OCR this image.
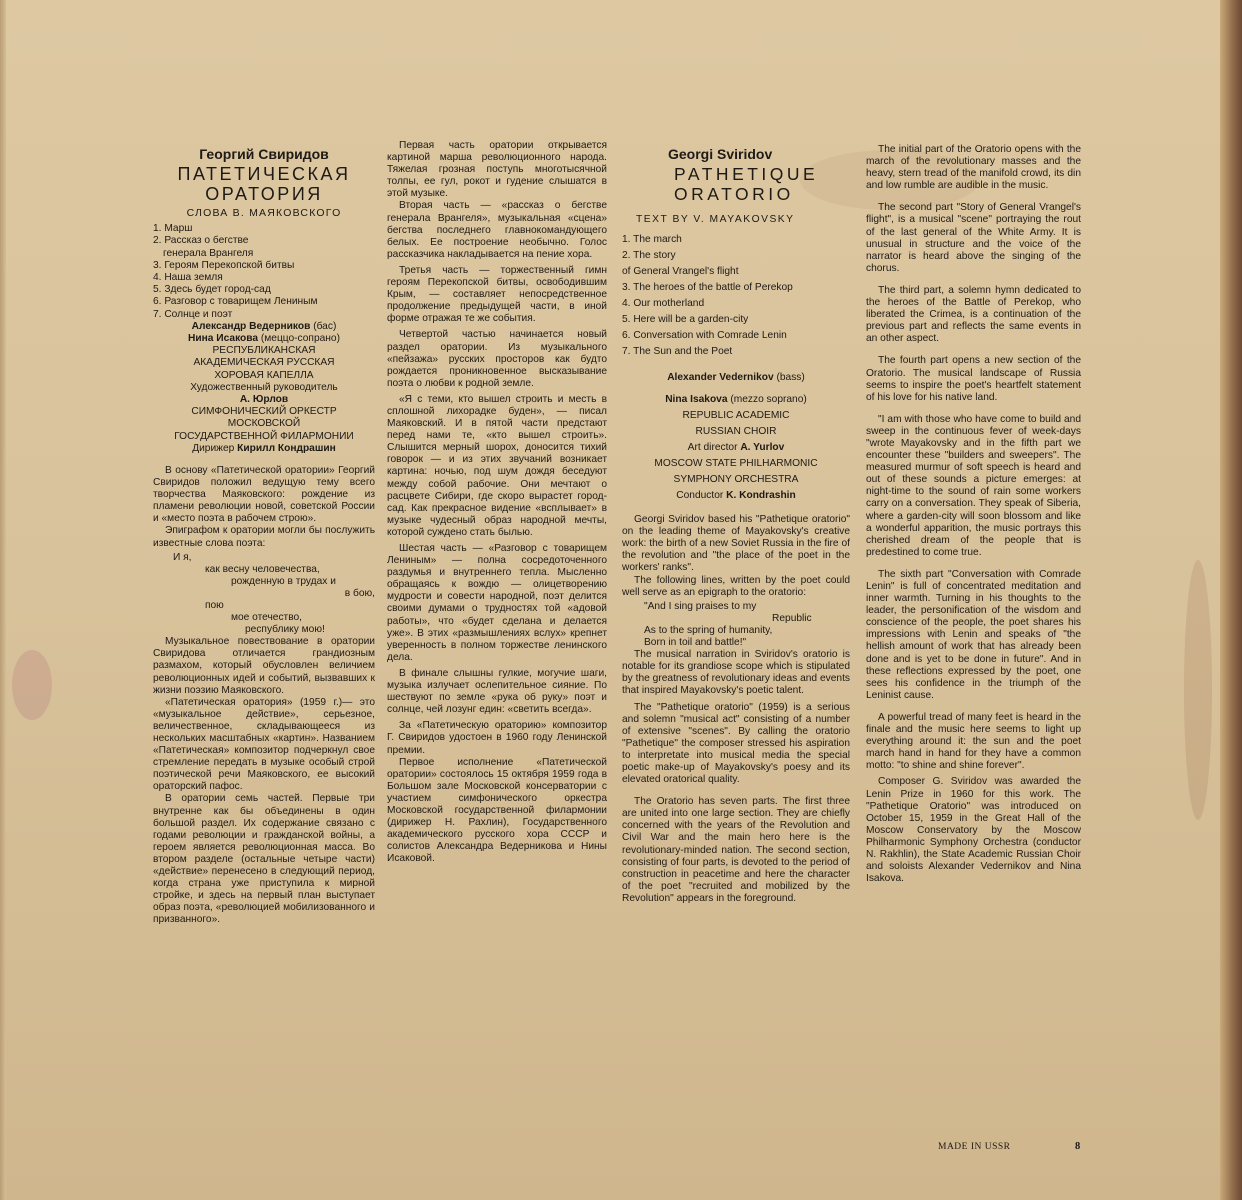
Георгий Свиридов
ПАТЕТИЧЕСКАЯ
ОРАТОРИЯ
СЛОВА В. МАЯКОВСКОГО
1. Марш
2. Рассказ о бегстве
генерала Врангеля
3. Героям Перекопской битвы
4. Наша земля
5. Здесь будет город-сад
6. Разговор с товарищем Лениным
7. Солнце и поэт
Александр Ведерников (бас)
Нина Исакова (меццо-сопрано)
РЕСПУБЛИКАНСКАЯ
АКАДЕМИЧЕСКАЯ РУССКАЯ
ХОРОВАЯ КАПЕЛЛА
Художественный руководитель
А. Юрлов
СИМФОНИЧЕСКИЙ ОРКЕСТР
МОСКОВСКОЙ
ГОСУДАРСТВЕННОЙ ФИЛАРМОНИИ
Дирижер Кирилл Кондрашин

В основу «Патетической оратории» Георгий Свиридов положил ведущую тему всего творчества Маяковского: рождение из пламени революции новой, советской России и «место поэта в рабочем строю».

Эпиграфом к оратории могли бы послужить известные слова поэта:

И я,
как весну человечества,
рожденную в трудах и
в бою,
пою
мое отечество,
республику мою!

Музыкальное повествование в оратории Свиридова отличается грандиозным размахом, который обусловлен величием революционных идей и событий, вызвавших к жизни поэзию Маяковского.

«Патетическая оратория» (1959 г.)— это «музыкальное действие», серьезное, величественное, складывающееся из нескольких масштабных «картин». Названием «Патетическая» композитор подчеркнул свое стремление передать в музыке особый строй поэтической речи Маяковского, ее высокий ораторский пафос.

В оратории семь частей. Первые три внутренне как бы объединены в один большой раздел. Их содержание связано с годами революции и гражданской войны, а героем является революционная масса. Во втором разделе (остальные четыре части) «действие» перенесено в следующий период, когда страна уже приступила к мирной стройке, и здесь на первый план выступает образ поэта, «революцией мобилизованного и призванного».

Первая часть оратории открывается картиной марша революционного народа. Тяжелая грозная поступь многотысячной толпы, ее гул, рокот и гудение слышатся в этой музыке.

Вторая часть — «рассказ о бегстве генерала Врангеля», музыкальная «сцена» бегства последнего главнокомандующего белых. Ее построение необычно. Голос рассказчика накладывается на пение хора.

Третья часть — торжественный гимн героям Перекопской битвы, освободившим Крым, — составляет непосредственное продолжение предыдущей части, в иной форме отражая те же события.

Четвертой частью начинается новый раздел оратории. Из музыкального «пейзажа» русских просторов как будто рождается проникновенное высказывание поэта о любви к родной земле.

«Я с теми, кто вышел строить и месть в сплошной лихорадке буден», — писал Маяковский. И в пятой части предстают перед нами те, «кто вышел строить». Слышится мерный шорох, доносится тихий говорок — и из этих звучаний возникает картина: ночью, под шум дождя беседуют между собой рабочие. Они мечтают о расцвете Сибири, где скоро вырастет город-сад. Как прекрасное видение «всплывает» в музыке чудесный образ народной мечты, которой суждено стать былью.

Шестая часть — «Разговор с товарищем Лениным» — полна сосредоточенного раздумья и внутреннего тепла. Мысленно обращаясь к вождю — олицетворению мудрости и совести народной, поэт делится своими думами о трудностях той «адовой работы», что «будет сделана и делается уже». В этих «размышлениях вслух» крепнет уверенность в полном торжестве ленинского дела.

В финале слышны гулкие, могучие шаги, музыка излучает ослепительное сияние. По шествуют по земле «рука об руку» поэт и солнце, чей лозунг един: «светить всегда».

За «Патетическую ораторию» композитор Г. Свиридов удостоен в 1960 году Ленинской премии.

Первое исполнение «Патетической оратории» состоялось 15 октября 1959 года в Большом зале Московской консерватории с участием симфонического оркестра Московской государственной филармонии (дирижер Н. Рахлин), Государственного академического русского хора СССР и солистов Александра Ведерникова и Нины Исаковой.

Georgi Sviridov
PATHETIQUE
ORATORIO
TEXT BY V. MAYAKOVSKY
1. The march
2. The story
of General Vrangel's flight
3. The heroes of the battle of Perekop
4. Our motherland
5. Here will be a garden-city
6. Conversation with Comrade Lenin
7. The Sun and the Poet
Alexander Vedernikov (bass)
Nina Isakova (mezzo soprano)
REPUBLIC ACADEMIC
RUSSIAN CHOIR
Art director A. Yurlov
MOSCOW STATE PHILHARMONIC
SYMPHONY ORCHESTRA
Conductor K. Kondrashin

Georgi Sviridov based his "Pathetique oratorio" on the leading theme of Mayakovsky's creative work: the birth of a new Soviet Russia in the fire of the revolution and "the place of the poet in the workers' ranks".

The following lines, written by the poet could well serve as an epigraph to the oratorio:

"And I sing praises to my
Republic
As to the spring of humanity,
Born in toil and battle!"

The musical narration in Sviridov's oratorio is notable for its grandiose scope which is stipulated by the greatness of revolutionary ideas and events that inspired Mayakovsky's poetic talent.

The "Pathetique oratorio" (1959) is a serious and solemn "musical act" consisting of a number of extensive "scenes". By calling the oratorio "Pathetique" the composer stressed his aspiration to interpretate into musical media the special poetic make-up of Mayakovsky's poesy and its elevated oratorical quality.

The Oratorio has seven parts. The first three are united into one large section. They are chiefly concerned with the years of the Revolution and Civil War and the main hero here is the revolutionary-minded nation. The second section, consisting of four parts, is devoted to the period of construction in peacetime and here the character of the poet "recruited and mobilized by the Revolution" appears in the foreground.

The initial part of the Oratorio opens with the march of the revolutionary masses and the heavy, stern tread of the manifold crowd, its din and low rumble are audible in the music.

The second part "Story of General Vrangel's flight", is a musical "scene" portraying the rout of the last general of the White Army. It is unusual in structure and the voice of the narrator is heard above the singing of the chorus.

The third part, a solemn hymn dedicated to the heroes of the Battle of Perekop, who liberated the Crimea, is a continuation of the previous part and reflects the same events in an other aspect.

The fourth part opens a new section of the Oratorio. The musical landscape of Russia seems to inspire the poet's heartfelt statement of his love for his native land.

"I am with those who have come to build and sweep in the continuous fever of week-days "wrote Mayakovsky and in the fifth part we encounter these "builders and sweepers". The measured murmur of soft speech is heard and out of these sounds a picture emerges: at night-time to the sound of rain some workers carry on a conversation. They speak of Siberia, where a garden-city will soon blossom and like a wonderful apparition, the music portrays this cherished dream of the people that is predestined to come true.

The sixth part "Conversation with Comrade Lenin" is full of concentrated meditation and inner warmth. Turning in his thoughts to the leader, the personification of the wisdom and conscience of the people, the poet shares his impressions with Lenin and speaks of "the hellish amount of work that has already been done and is yet to be done in future". And in these reflections expressed by the poet, one sees his confidence in the triumph of the Leninist cause.

A powerful tread of many feet is heard in the finale and the music here seems to light up everything around it: the sun and the poet march hand in hand for they have a common motto: "to shine and shine forever".

Composer G. Sviridov was awarded the Lenin Prize in 1960 for this work. The "Pathetique Oratorio" was introduced on October 15, 1959 in the Great Hall of the Moscow Conservatory by the Moscow Philharmonic Symphony Orchestra (conductor N. Rakhlin), the State Academic Russian Choir and soloists Alexander Vedernikov and Nina Isakova.

MADE IN USSR	8
